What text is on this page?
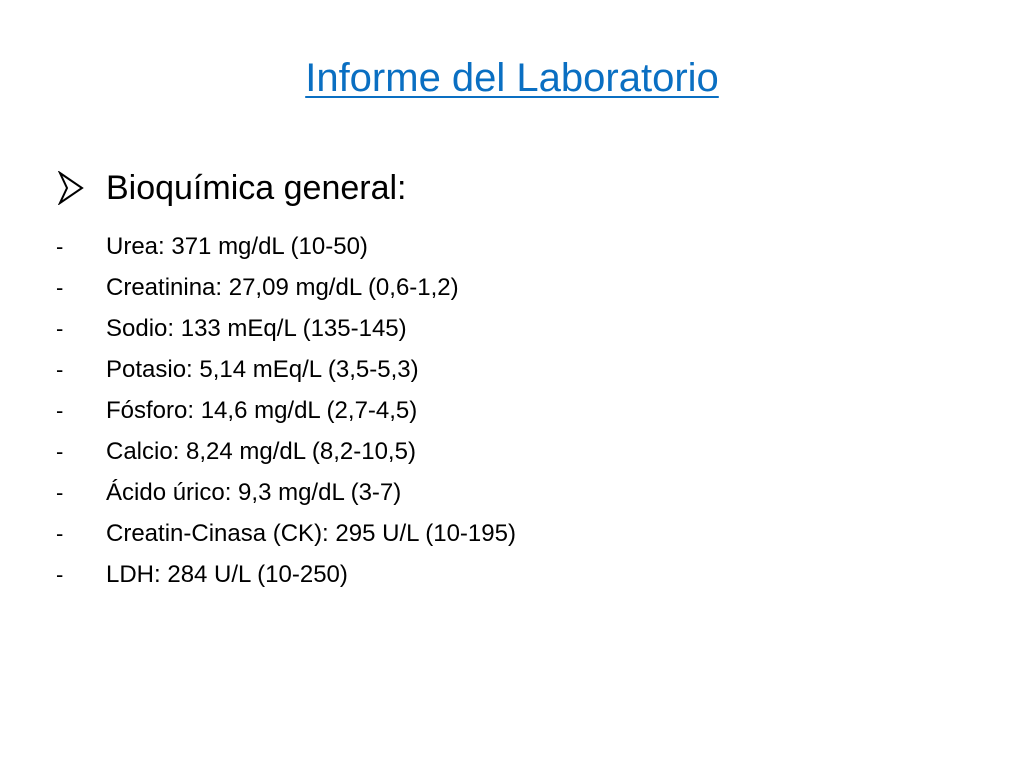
Informe del Laboratorio
Bioquímica general:
-	Urea: 371 mg/dL (10-50)
-	Creatinina: 27,09 mg/dL (0,6-1,2)
-	Sodio: 133 mEq/L (135-145)
-	Potasio: 5,14 mEq/L (3,5-5,3)
-	Fósforo: 14,6 mg/dL (2,7-4,5)
-	Calcio: 8,24 mg/dL (8,2-10,5)
-	Ácido úrico: 9,3 mg/dL (3-7)
-	Creatin-Cinasa (CK): 295 U/L (10-195)
-	LDH: 284 U/L (10-250)
